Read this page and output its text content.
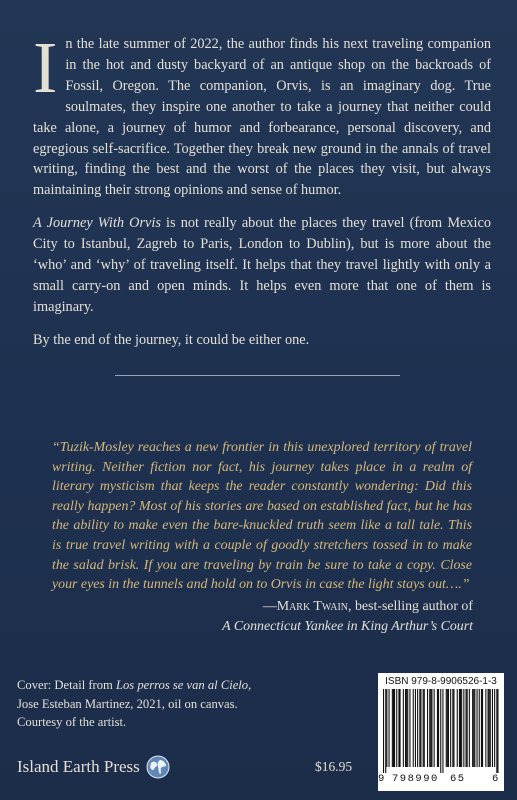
In the late summer of 2022, the author finds his next traveling companion in the hot and dusty backyard of an antique shop on the backroads of Fossil, Oregon. The companion, Orvis, is an imaginary dog. True soulmates, they inspire one another to take a journey that neither could take alone, a journey of humor and forbearance, personal discovery, and egregious self-sacrifice. Together they break new ground in the annals of travel writing, finding the best and the worst of the places they visit, but always maintaining their strong opinions and sense of humor.

A Journey With Orvis is not really about the places they travel (from Mexico City to Istanbul, Zagreb to Paris, London to Dublin), but is more about the ‘who’ and ‘why’ of traveling itself. It helps that they travel lightly with only a small carry-on and open minds. It helps even more that one of them is imaginary.

By the end of the journey, it could be either one.

“Tuzik-Mosley reaches a new frontier in this unexplored territory of travel writing. Neither fiction nor fact, his journey takes place in a realm of literary mysticism that keeps the reader constantly wondering: Did this really happen? Most of his stories are based on established fact, but he has the ability to make even the bare-knuckled truth seem like a tall tale. This is true travel writing with a couple of goodly stretchers tossed in to make the salad brisk. If you are traveling by train be sure to take a copy. Close your eyes in the tunnels and hold on to Orvis in case the light stays out….”
—Mark Twain, best-selling author of
A Connecticut Yankee in King Arthur’s Court
Cover: Detail from Los perros se van al Cielo,
Jose Esteban Martinez, 2021, oil on canvas.
Courtesy of the artist.
Island Earth Press	$16.95
ISBN 979-8-9906526-1-3
9 798990 65	6
